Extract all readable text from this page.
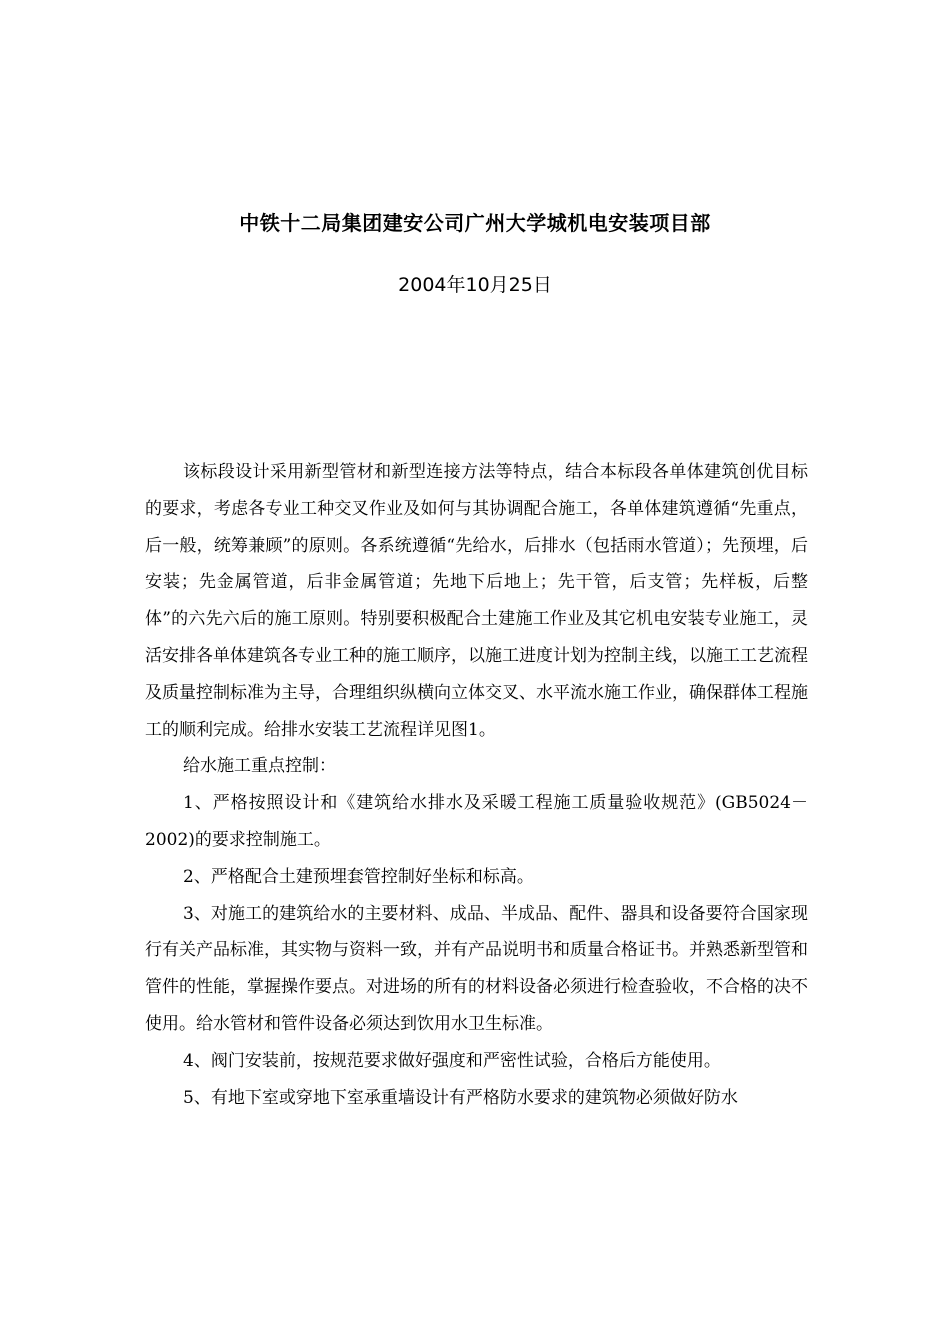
中铁十二局集团建安公司广州大学城机电安装项目部
2004年10月25日

该标段设计采用新型管材和新型连接方法等特点，结合本标段各单体建筑创优目标的要求，考虑各专业工种交叉作业及如何与其协调配合施工，各单体建筑遵循“先重点，后一般，统筹兼顾”的原则。各系统遵循“先给水，后排水（包括雨水管道）；先预埋，后安装；先金属管道，后非金属管道；先地下后地上；先干管，后支管；先样板，后整体”的六先六后的施工原则。特别要积极配合土建施工作业及其它机电安装专业施工，灵活安排各单体建筑各专业工种的施工顺序，以施工进度计划为控制主线，以施工工艺流程及质量控制标准为主导，合理组织纵横向立体交叉、水平流水施工作业，确保群体工程施工的顺利完成。给排水安装工艺流程详见图1。

给水施工重点控制：

1、严格按照设计和《建筑给水排水及采暖工程施工质量验收规范》(GB5024－2002)的要求控制施工。

2、严格配合土建预埋套管控制好坐标和标高。

3、对施工的建筑给水的主要材料、成品、半成品、配件、器具和设备要符合国家现行有关产品标准，其实物与资料一致，并有产品说明书和质量合格证书。并熟悉新型管和管件的性能，掌握操作要点。对进场的所有的材料设备必须进行检查验收，不合格的决不使用。给水管材和管件设备必须达到饮用水卫生标准。

4、阀门安装前，按规范要求做好强度和严密性试验，合格后方能使用。

5、有地下室或穿地下室承重墙设计有严格防水要求的建筑物必须做好防水
